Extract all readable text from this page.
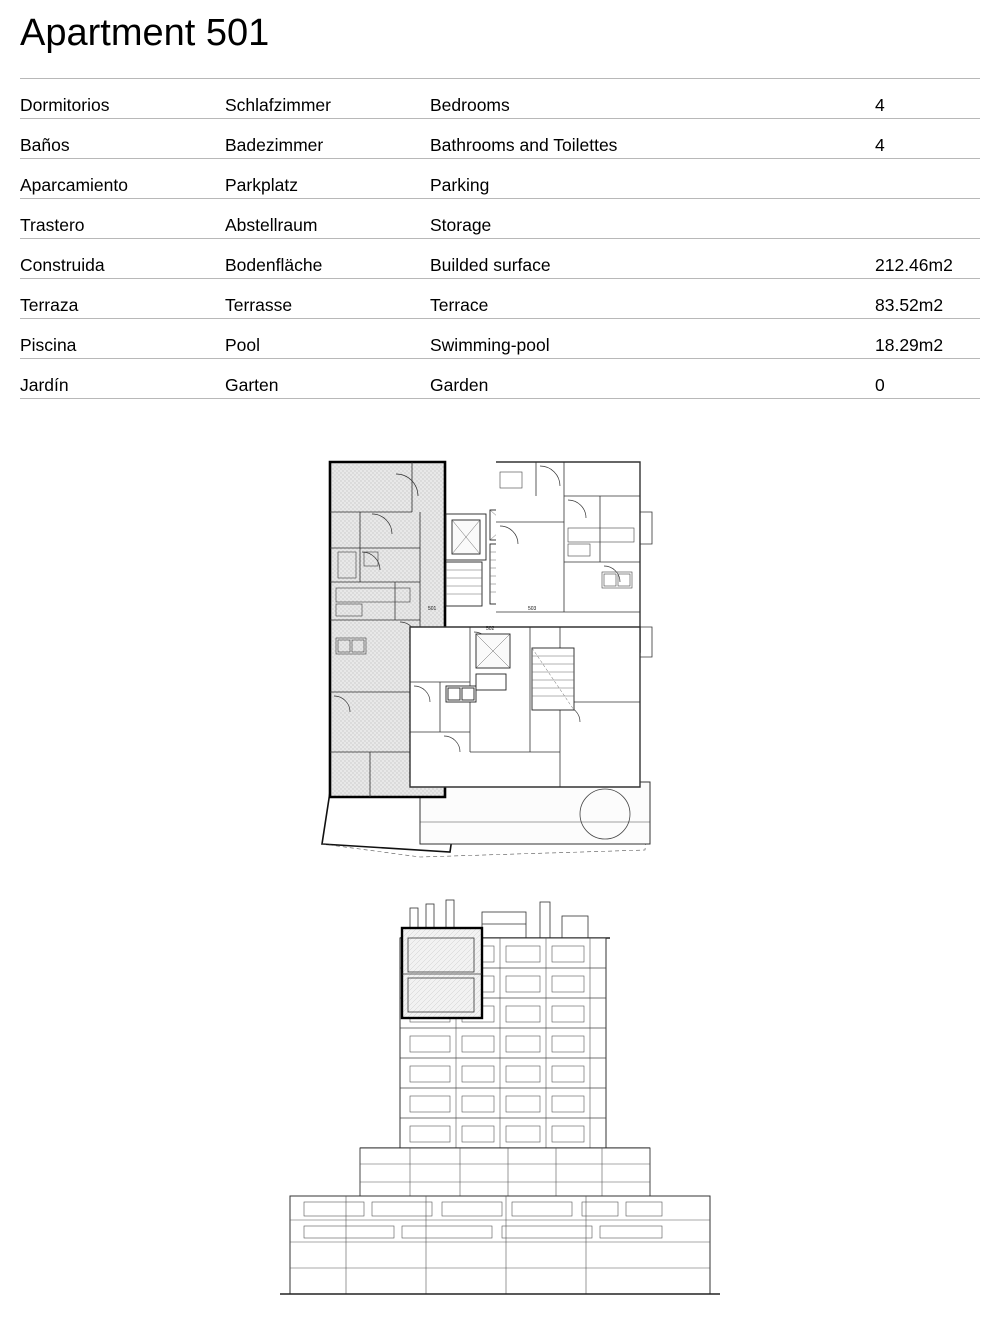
Apartment 501
Dormitorios	Schlafzimmer	Bedrooms	4
Baños	Badezimmer	Bathrooms and Toilettes	4
Aparcamiento	Parkplatz	Parking	
Trastero	Abstellraum	Storage	
Construida	Bodenfläche	Builded surface	212.46m2
Terraza	Terrasse	Terrace	83.52m2
Piscina	Pool	Swimming-pool	18.29m2
Jardín	Garten	Garden	0
501
502
503
